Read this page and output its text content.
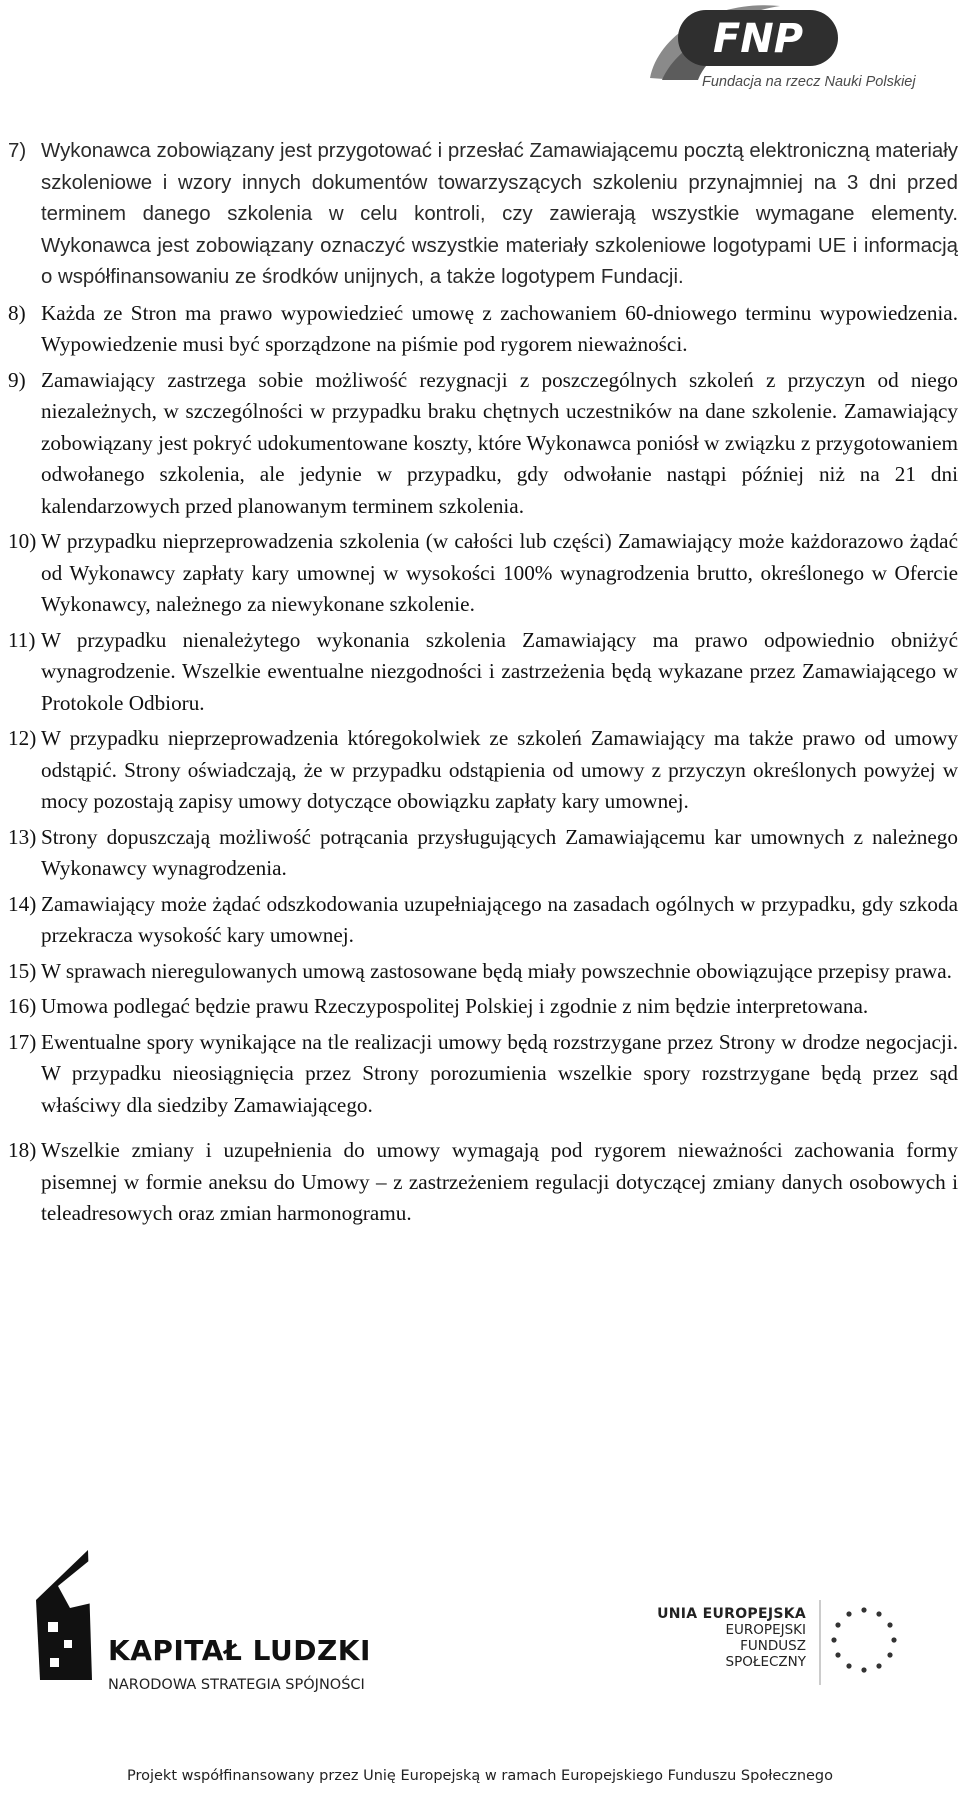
FNP
Fundacja na rzecz Nauki Polskiej
7) Wykonawca zobowiązany jest przygotować i przesłać Zamawiającemu pocztą elektroniczną materiały szkoleniowe i wzory innych dokumentów towarzyszących szkoleniu przynajmniej na 3 dni przed terminem danego szkolenia w celu kontroli, czy zawierają wszystkie wymagane elementy. Wykonawca jest zobowiązany oznaczyć wszystkie materiały szkoleniowe logotypami UE i informacją o współfinansowaniu ze środków unijnych, a także logotypem Fundacji.
8) Każda ze Stron ma prawo wypowiedzieć umowę z zachowaniem 60-dniowego terminu wypowiedzenia. Wypowiedzenie musi być sporządzone na piśmie pod rygorem nieważności.
9) Zamawiający zastrzega sobie możliwość rezygnacji z poszczególnych szkoleń z przyczyn od niego niezależnych, w szczególności w przypadku braku chętnych uczestników na dane szkolenie. Zamawiający zobowiązany jest pokryć udokumentowane koszty, które Wykonawca poniósł w związku z przygotowaniem odwołanego szkolenia, ale jedynie w przypadku, gdy odwołanie nastąpi później niż na 21 dni kalendarzowych przed planowanym terminem szkolenia.
10) W przypadku nieprzeprowadzenia szkolenia (w całości lub części) Zamawiający może każdorazowo żądać od Wykonawcy zapłaty kary umownej w wysokości 100% wynagrodzenia brutto, określonego w Ofercie Wykonawcy, należnego za niewykonane szkolenie.
11) W przypadku nienależytego wykonania szkolenia Zamawiający ma prawo odpowiednio obniżyć wynagrodzenie. Wszelkie ewentualne niezgodności i zastrzeżenia będą wykazane przez Zamawiającego w Protokole Odbioru.
12) W przypadku nieprzeprowadzenia któregokolwiek ze szkoleń Zamawiający ma także prawo od umowy odstąpić. Strony oświadczają, że w przypadku odstąpienia od umowy z przyczyn określonych powyżej w mocy pozostają zapisy umowy dotyczące obowiązku zapłaty kary umownej.
13) Strony dopuszczają możliwość potrącania przysługujących Zamawiającemu kar umownych z należnego Wykonawcy wynagrodzenia.
14) Zamawiający może żądać odszkodowania uzupełniającego na zasadach ogólnych w przypadku, gdy szkoda przekracza wysokość kary umownej.
15) W sprawach nieregulowanych umową zastosowane będą miały powszechnie obowiązujące przepisy prawa.
16) Umowa podlegać będzie prawu Rzeczypospolitej Polskiej i zgodnie z nim będzie interpretowana.
17) Ewentualne spory wynikające na tle realizacji umowy będą rozstrzygane przez Strony w drodze negocjacji. W przypadku nieosiągnięcia przez Strony porozumienia wszelkie spory rozstrzygane będą przez sąd właściwy dla siedziby Zamawiającego.
18) Wszelkie zmiany i uzupełnienia do umowy wymagają pod rygorem nieważności zachowania formy pisemnej w formie aneksu do Umowy – z zastrzeżeniem regulacji dotyczącej zmiany danych osobowych i teleadresowych oraz zmian harmonogramu.
KAPITAŁ LUDZKI
NARODOWA STRATEGIA SPÓJNOŚCI
UNIA EUROPEJSKA
EUROPEJSKI
FUNDUSZ SPOŁECZNY
Projekt współfinansowany przez Unię Europejską w ramach Europejskiego Funduszu Społecznego
